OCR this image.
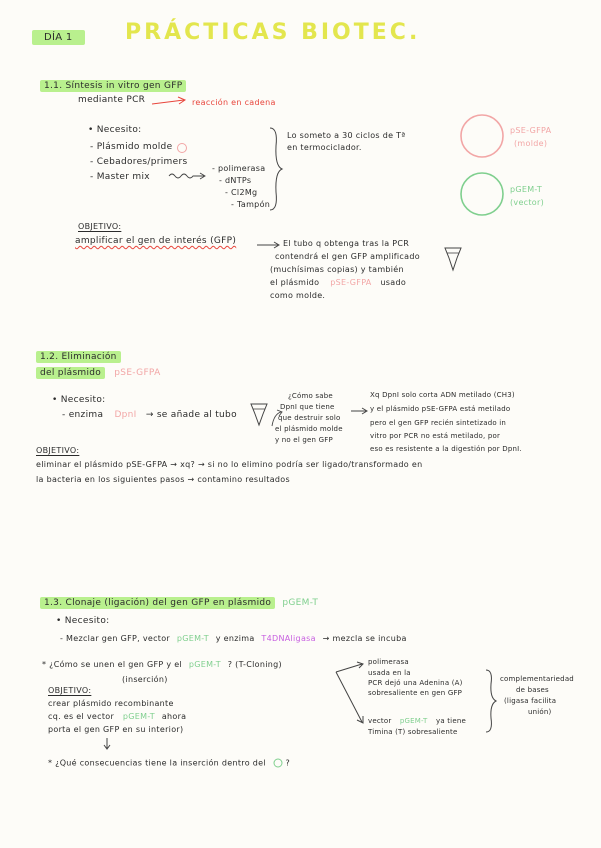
DÍA 1	PRÁCTICAS BIOTEC.
1.1. Síntesis in vitro gen GFP
mediante PCR	reacción en cadena
• Necesito:
- Plásmido molde
- Cebadores/primers
- Master mix
- polimerasa
- dNTPs
- Cl2Mg
- Tampón
Lo someto a 30 ciclos de Tª
en termociclador.
pSE-GFPA
(molde)
pGEM-T
(vector)
OBJETIVO:
amplificar el gen de interés (GFP)	El tubo q obtenga tras la PCR
contendrá el gen GFP amplificado
(muchísimas copias) y también
el plásmido pSE-GFPA usado
como molde.
1.2. Eliminación
del plásmido pSE-GFPA
• Necesito:
- enzima DpnI → se añade al tubo
¿Cómo sabe
DpnI que tiene
que destruir solo
el plásmido molde
y no el gen GFP
Xq DpnI solo corta ADN metilado (CH3)
y el plásmido pSE-GFPA está metilado
pero el gen GFP recién sintetizado in
vitro por PCR no está metilado, por
eso es resistente a la digestión por DpnI.
OBJETIVO:
eliminar el plásmido pSE-GFPA → xq? → si no lo elimino podría ser ligado/transformado en
la bacteria en los siguientes pasos → contamino resultados
1.3. Clonaje (ligación) del gen GFP en plásmido pGEM-T
• Necesito:
- Mezclar gen GFP, vector pGEM-T y enzima T4DNAligasa → mezcla se incuba
* ¿Cómo se unen el gen GFP y el pGEM-T ? (T-Cloning)
(inserción)
OBJETIVO:
crear plásmido recombinante
cq. es el vector pGEM-T ahora
porta el gen GFP en su interior)
polimerasa
usada en la
PCR dejó una Adenina (A)
sobresaliente en gen GFP
vector pGEM-T ya tiene
Timina (T) sobresaliente
complementariedad
de bases
(ligasa facilita
unión)
* ¿Qué consecuencias tiene la inserción dentro del ?
